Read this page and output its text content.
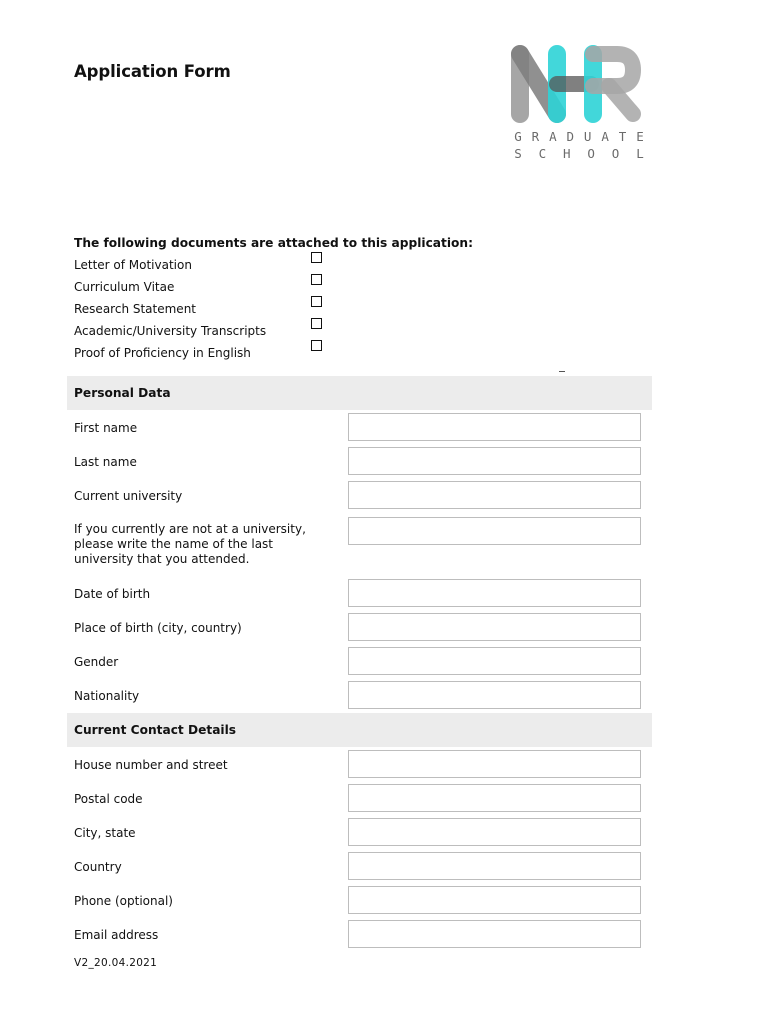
Application Form
G R A D U A T E
S C H O O L
The following documents are attached to this application:
Letter of Motivation
Curriculum Vitae
Research Statement
Academic/University Transcripts
Proof of Proficiency in English
Personal Data
First name
Last name
Current university
If you currently are not at a university, please write the name of the last university that you attended.
Date of birth
Place of birth (city, country)
Gender
Nationality
Current Contact Details
House number and street
Postal code
City, state
Country
Phone (optional)
Email address
V2_20.04.2021
